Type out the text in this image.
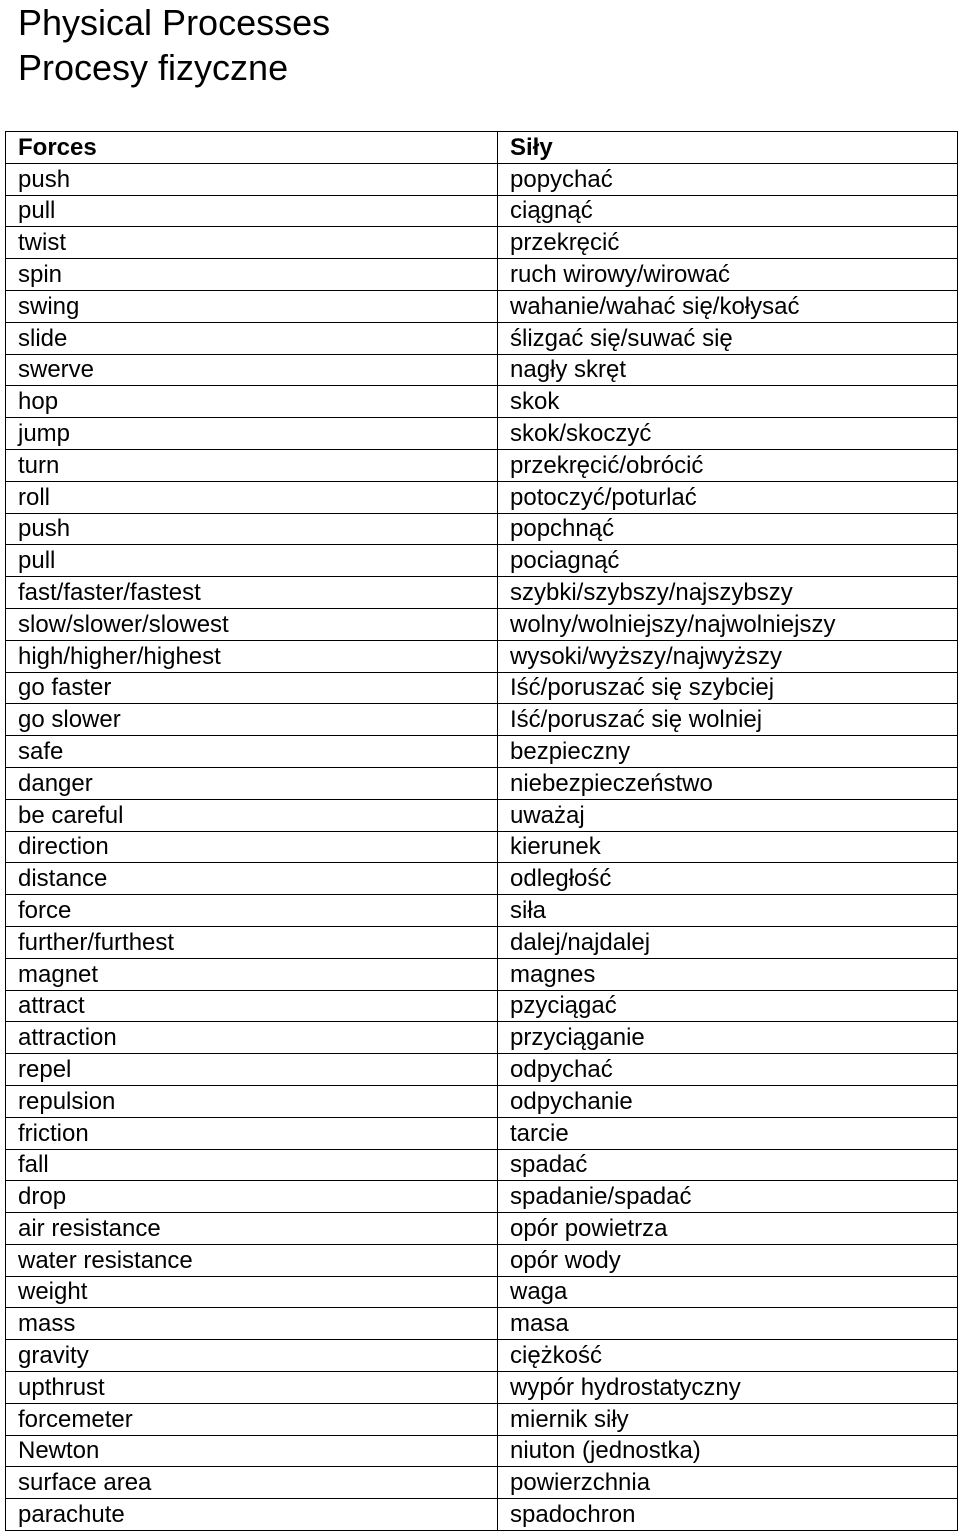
Physical Processes
Procesy fizyczne
Forces	Siły
push	popychać
pull	ciągnąć
twist	przekręcić
spin	ruch wirowy/wirować
swing	wahanie/wahać się/kołysać
slide	ślizgać się/suwać się
swerve	nagły skręt
hop	skok
jump	skok/skoczyć
turn	przekręcić/obrócić
roll	potoczyć/poturlać
push	popchnąć
pull	pociagnąć
fast/faster/fastest	szybki/szybszy/najszybszy
slow/slower/slowest	wolny/wolniejszy/najwolniejszy
high/higher/highest	wysoki/wyższy/najwyższy
go faster	Iść/poruszać się szybciej
go slower	Iść/poruszać się wolniej
safe	bezpieczny
danger	niebezpieczeństwo
be careful	uważaj
direction	kierunek
distance	odległość
force	siła
further/furthest	dalej/najdalej
magnet	magnes
attract	pzyciągać
attraction	przyciąganie
repel	odpychać
repulsion	odpychanie
friction	tarcie
fall	spadać
drop	spadanie/spadać
air resistance	opór powietrza
water resistance	opór wody
weight	waga
mass	masa
gravity	ciężkość
upthrust	wypór hydrostatyczny
forcemeter	miernik siły
Newton	niuton (jednostka)
surface area	powierzchnia
parachute	spadochron
